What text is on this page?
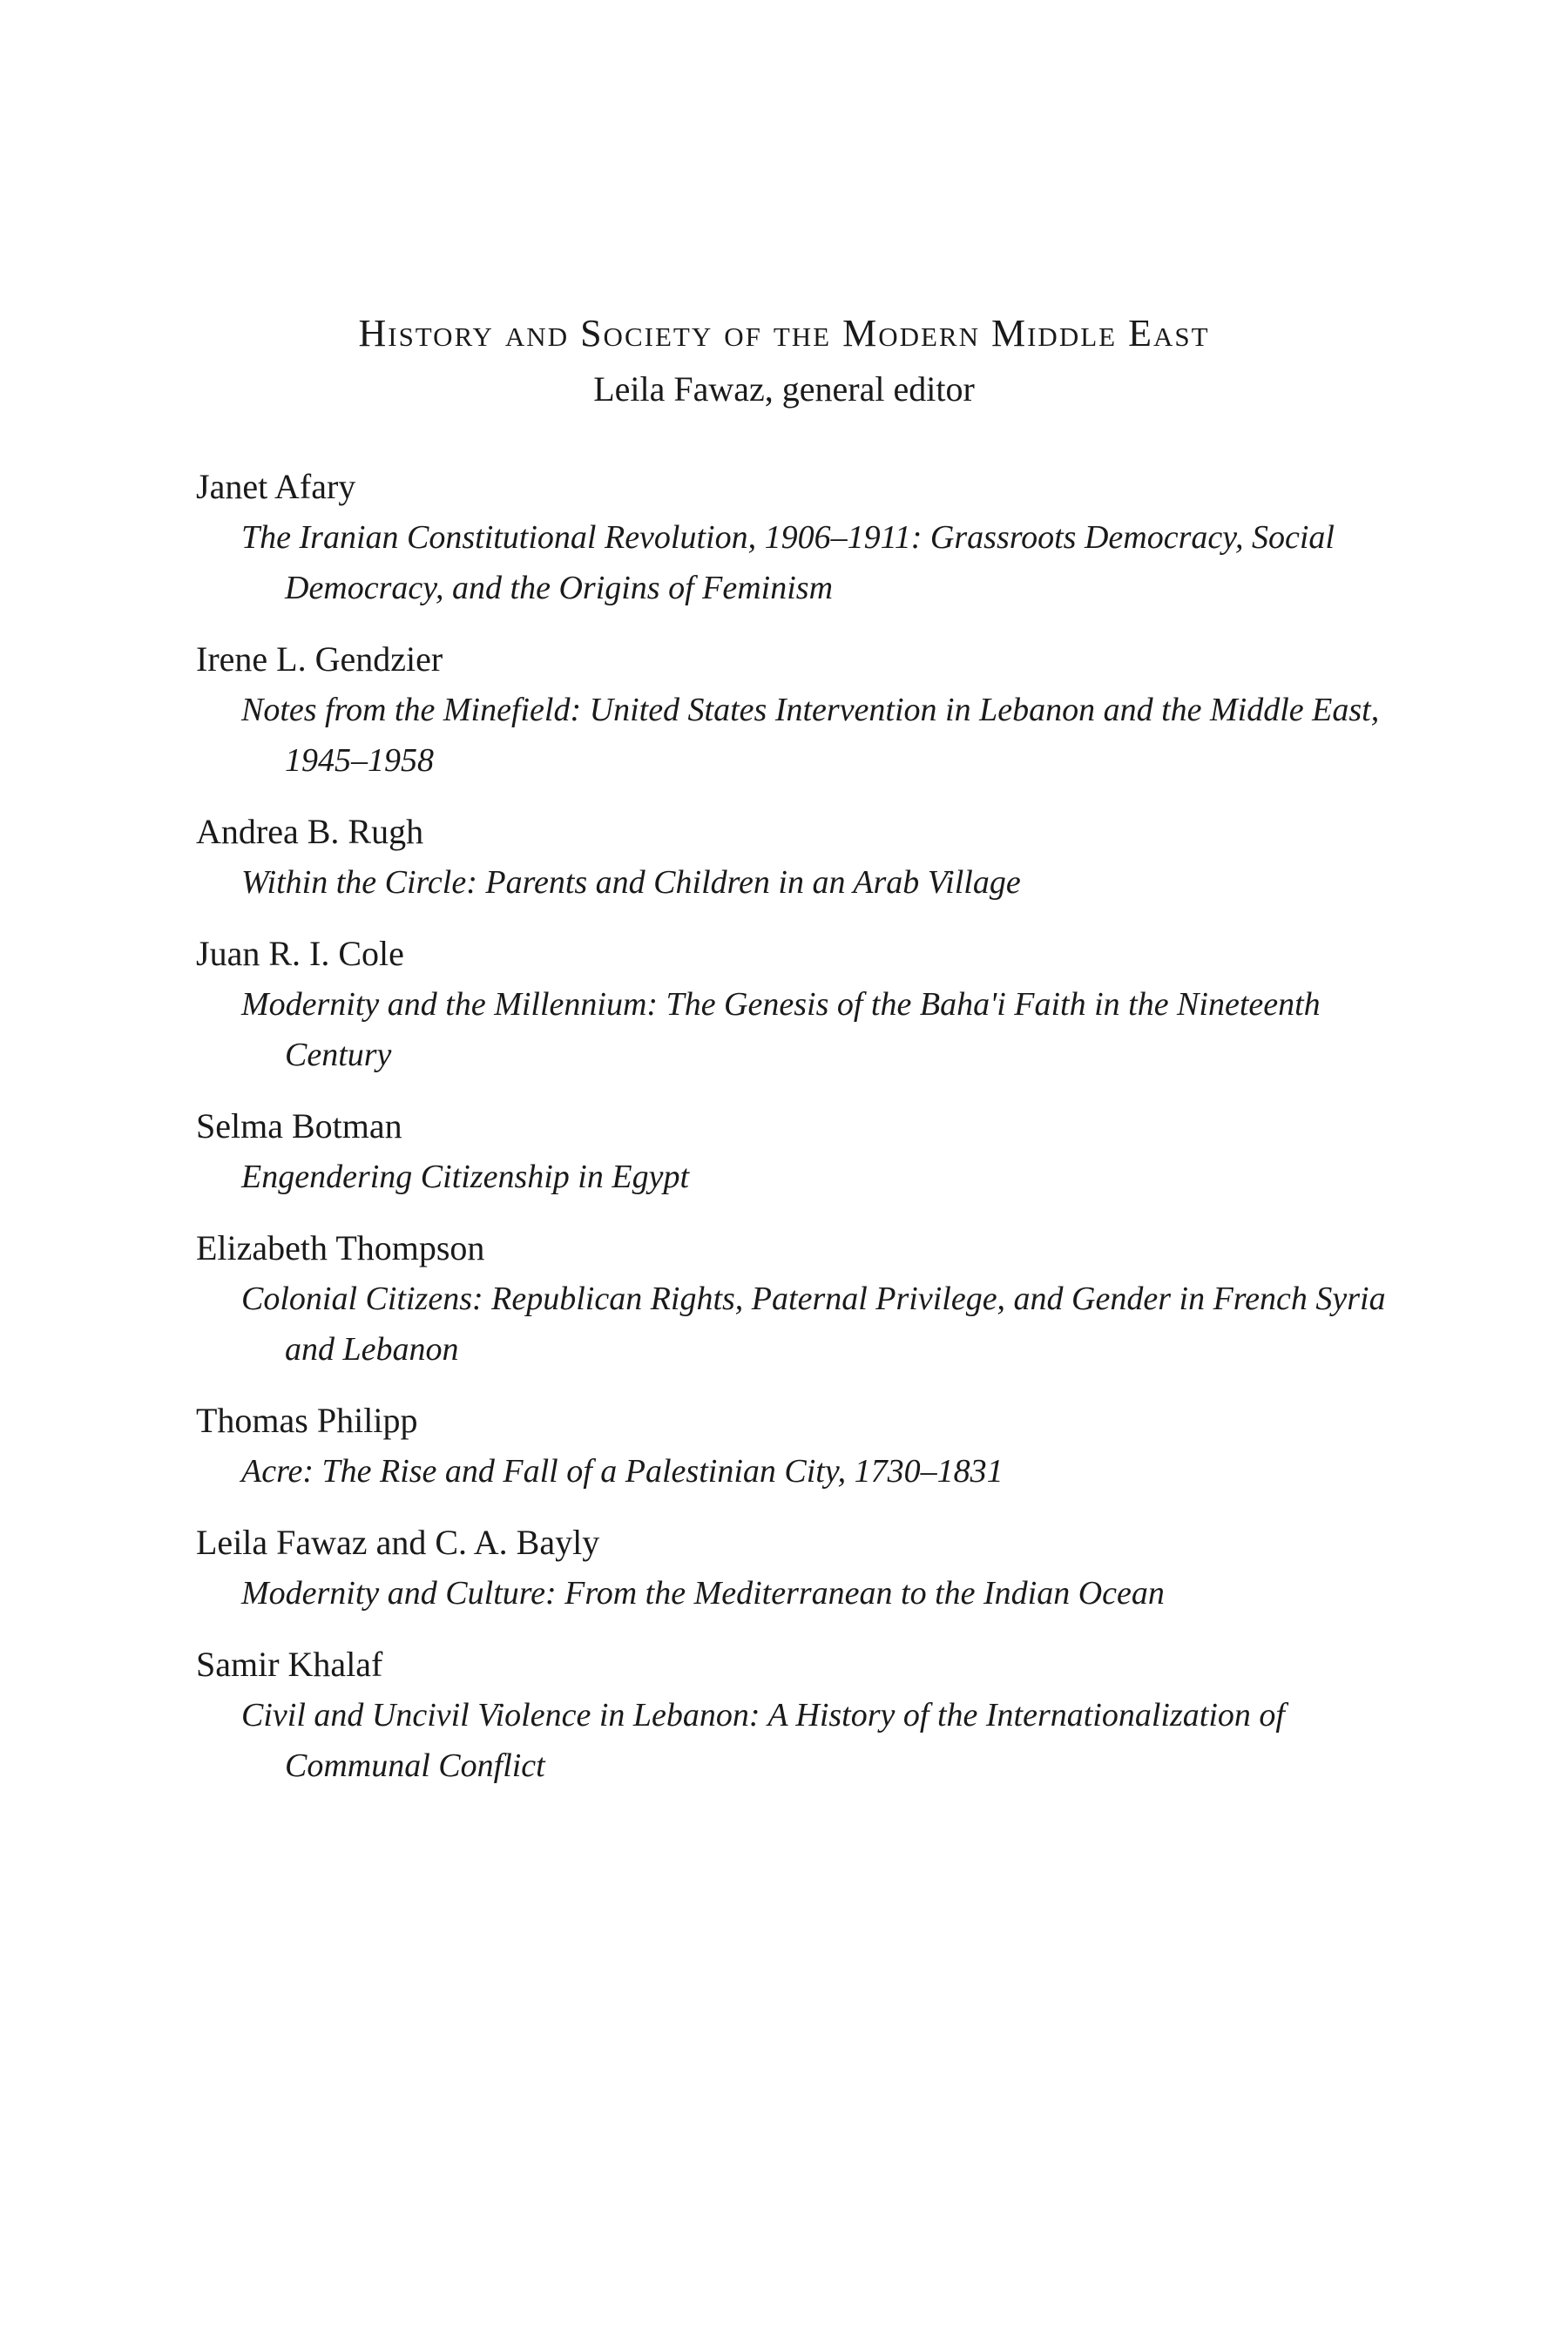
History and Society of the Modern Middle East
Leila Fawaz, general editor
Janet Afary
The Iranian Constitutional Revolution, 1906–1911: Grassroots Democracy, Social Democracy, and the Origins of Feminism
Irene L. Gendzier
Notes from the Minefield: United States Intervention in Lebanon and the Middle East, 1945–1958
Andrea B. Rugh
Within the Circle: Parents and Children in an Arab Village
Juan R. I. Cole
Modernity and the Millennium: The Genesis of the Baha'i Faith in the Nineteenth Century
Selma Botman
Engendering Citizenship in Egypt
Elizabeth Thompson
Colonial Citizens: Republican Rights, Paternal Privilege, and Gender in French Syria and Lebanon
Thomas Philipp
Acre: The Rise and Fall of a Palestinian City, 1730–1831
Leila Fawaz and C. A. Bayly
Modernity and Culture: From the Mediterranean to the Indian Ocean
Samir Khalaf
Civil and Uncivil Violence in Lebanon: A History of the Internationalization of Communal Conflict
